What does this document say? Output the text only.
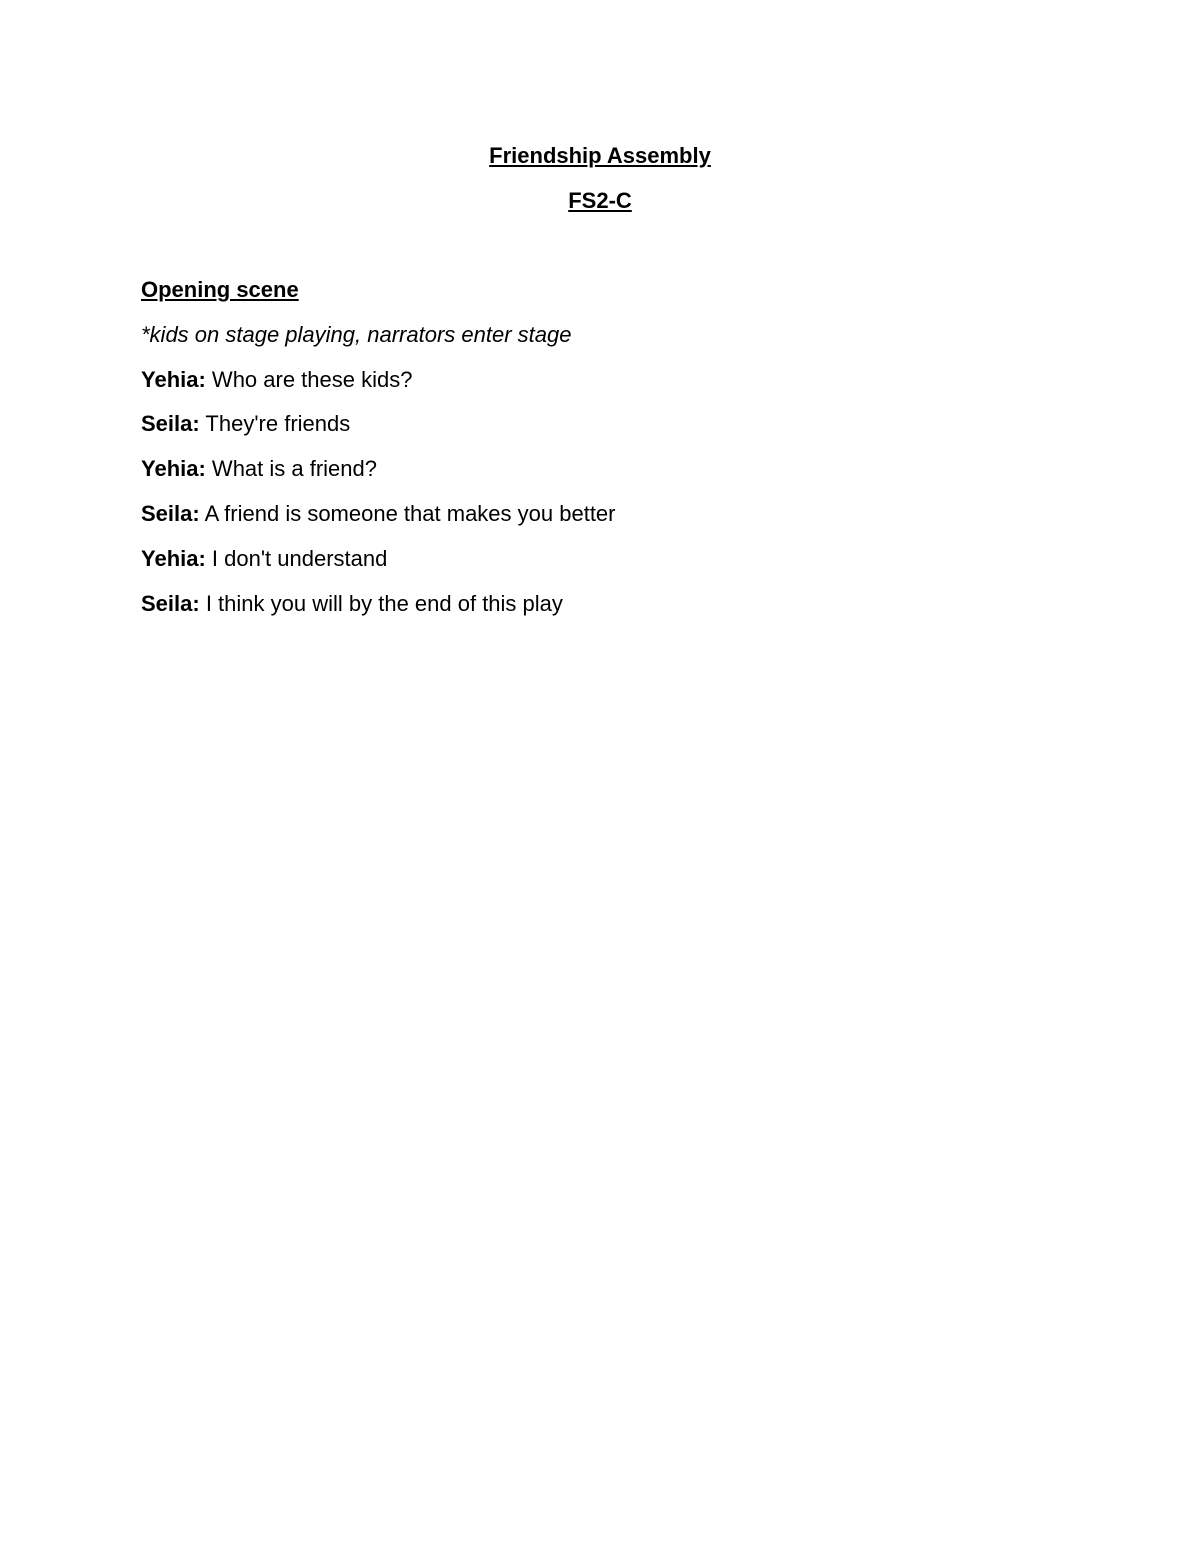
Friendship Assembly
FS2-C
Opening scene
*kids on stage playing, narrators enter stage
Yehia: Who are these kids?
Seila: They're friends
Yehia: What is a friend?
Seila: A friend is someone that makes you better
Yehia: I don't understand
Seila: I think you will by the end of this play
